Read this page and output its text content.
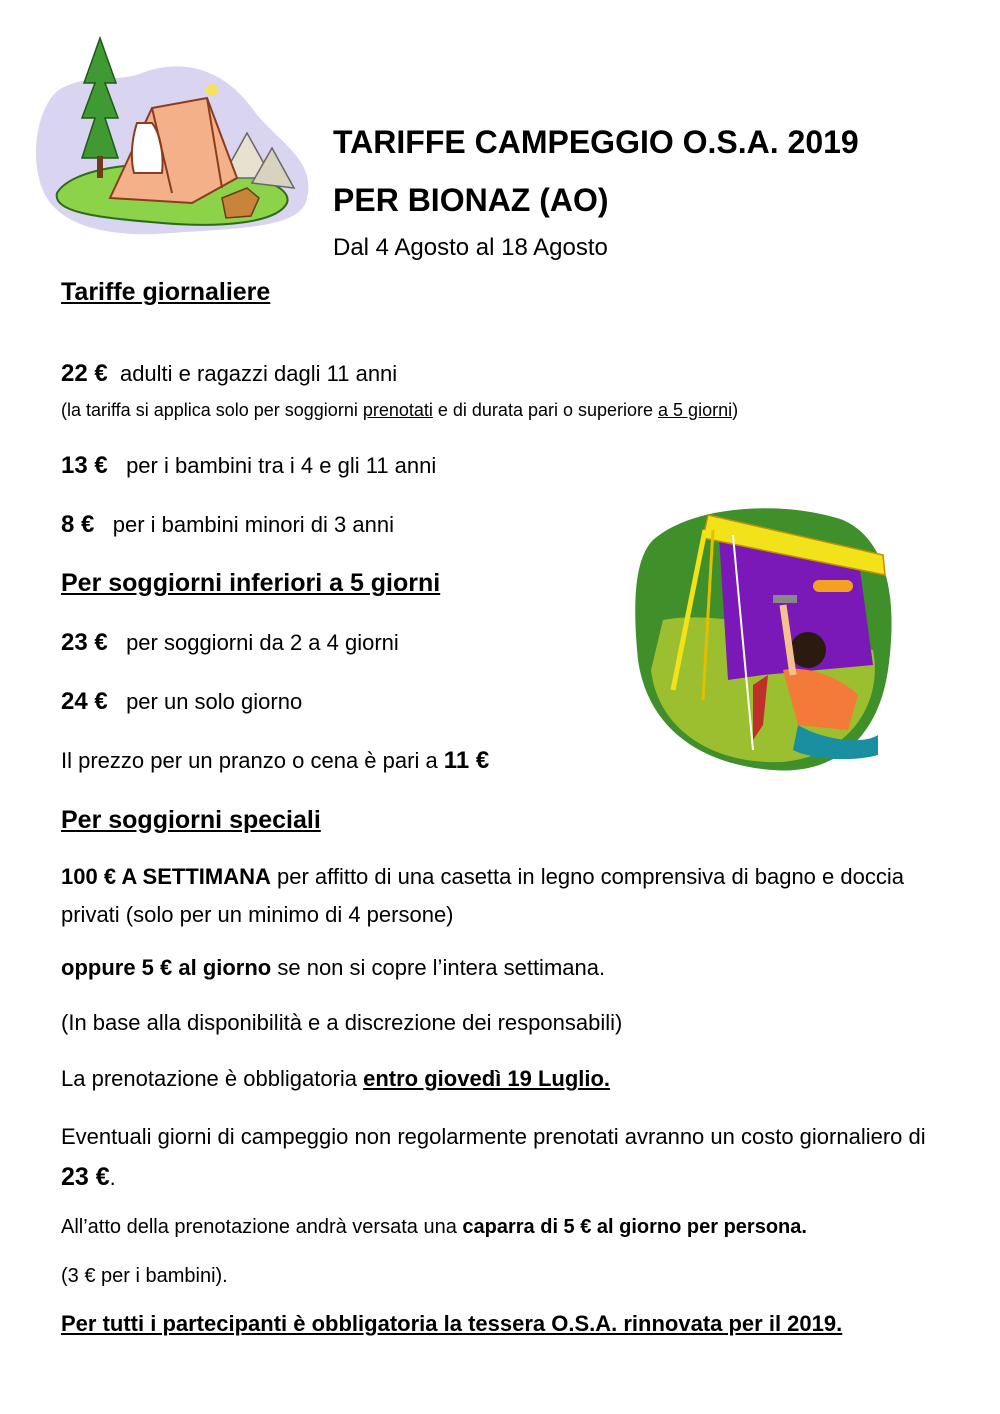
TARIFFE CAMPEGGIO O.S.A. 2019
PER BIONAZ (AO)
Dal 4 Agosto al 18 Agosto
Tariffe giornaliere
22 € adulti e ragazzi dagli 11 anni
(la tariffa si applica solo per soggiorni prenotati e di durata pari o superiore a 5 giorni)
13 € per i bambini tra i 4 e gli 11 anni
8 € per i bambini minori di 3 anni
Per soggiorni inferiori a 5 giorni
23 € per soggiorni da 2 a 4 giorni
24 € per un solo giorno
Il prezzo per un pranzo o cena è pari a 11 €
Per soggiorni speciali
100 € A SETTIMANA per affitto di una casetta in legno comprensiva di bagno e doccia privati (solo per un minimo di 4 persone)
oppure 5 € al giorno se non si copre l’intera settimana.
(In base alla disponibilità e a discrezione dei responsabili)
La prenotazione è obbligatoria entro giovedì 19 Luglio.
Eventuali giorni di campeggio non regolarmente prenotati avranno un costo giornaliero di 23 €.
All’atto della prenotazione andrà versata una caparra di 5 € al giorno per persona.
(3 € per i bambini).
Per tutti i partecipanti è obbligatoria la tessera O.S.A. rinnovata per il 2019.
